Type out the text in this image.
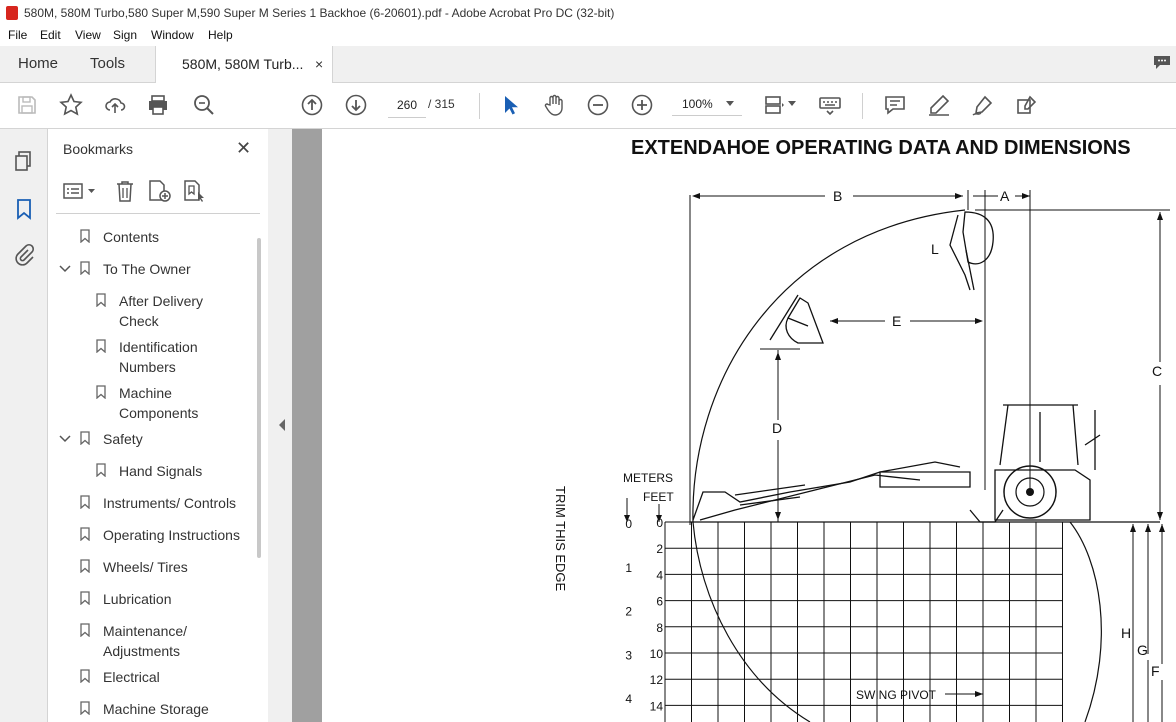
580M, 580M Turbo,580 Super M,590 Super M Series 1 Backhoe (6-20601).pdf - Adobe Acrobat Pro DC (32-bit)
File Edit View Sign Window Help
Home Tools	580M, 580M Turb... ×
260
/ 315	100%
Bookmarks	✕
Contents
To The Owner
After Delivery
Check
Identification
Numbers
Machine
Components
Safety
Hand Signals
Instruments/ Controls
Operating Instructions
Wheels/ Tires
Lubrication
Maintenance/
Adjustments
Electrical
Machine Storage
EXTENDAHOE OPERATING DATA AND DIMENSIONS
TRIM THIS EDGE
B	A
C
D
E
L
H
G
F
METERS
FEET
SWING PIVOT
0
2
4
6
8
10
12
14
0
1
2
3
4
